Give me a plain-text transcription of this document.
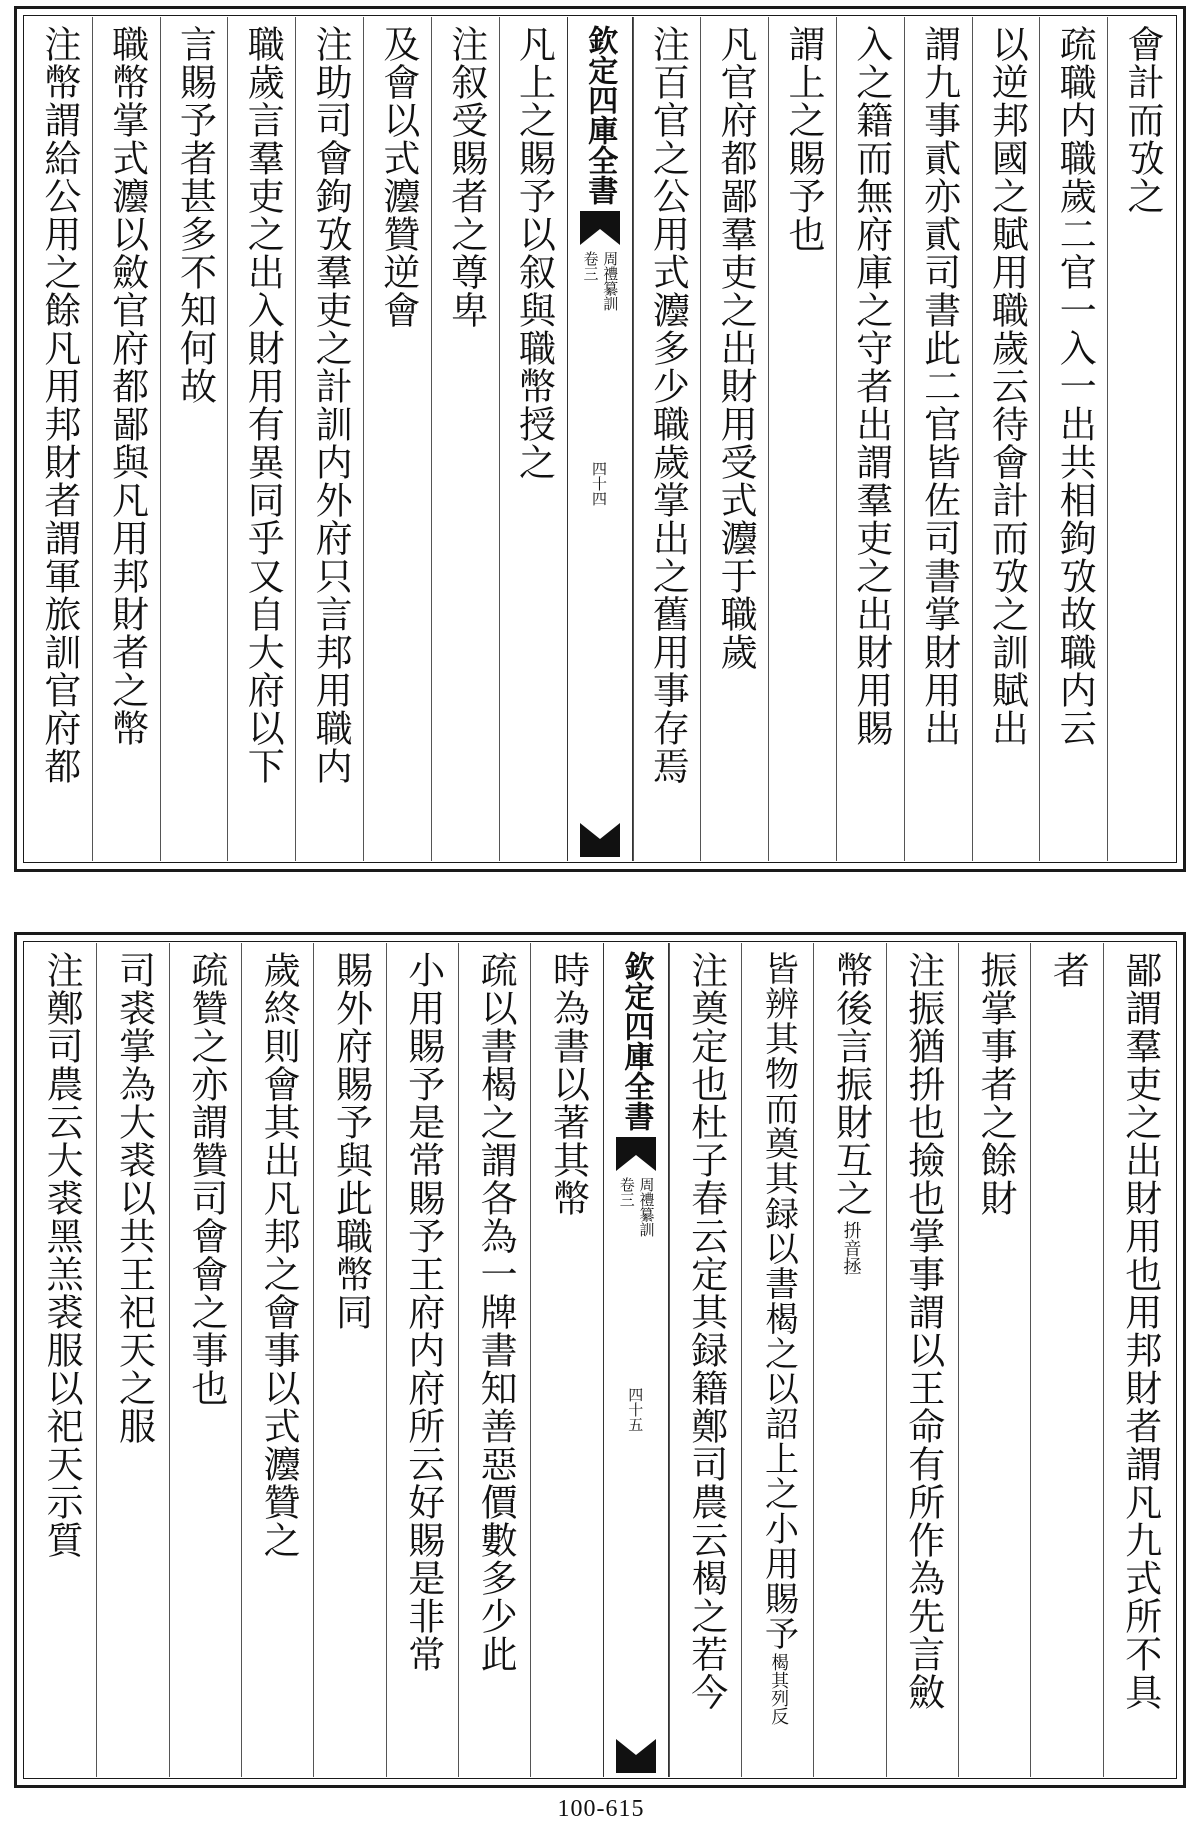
會計而攷之
疏職内職歲二官一入一出共相鉤攷故職内云
以逆邦國之賦用職歲云待會計而攷之訓賦出
謂九事貳亦貳司書此二官皆佐司書掌財用出
入之籍而無府庫之守者出謂羣吏之出財用賜
謂上之賜予也
凡官府都鄙羣吏之出財用受式灋于職歲
注百官之公用式灋多少職歲掌出之舊用事存焉
欽定四庫全書
周禮纂訓
卷三
四十四
凡上之賜予以叙與職幣授之
注叙受賜者之尊卑
及會以式灋贊逆會
注助司會鉤攷羣吏之計訓内外府只言邦用職内
職歲言羣吏之出入財用有異同乎又自大府以下
言賜予者甚多不知何故
職幣掌式灋以斂官府都鄙與凡用邦財者之幣
注幣謂給公用之餘凡用邦財者謂軍旅訓官府都
鄙謂羣吏之出財用也用邦財者謂凡九式所不具
者
振掌事者之餘財
注振猶抍也撿也掌事謂以王命有所作為先言斂
幣後言振財互之
抍音拯
皆辨其物而奠其録以書楬之以詔上之小用賜予
楬其列反
注奠定也杜子春云定其録籍鄭司農云楬之若今
欽定四庫全書
周禮纂訓
卷三
四十五
時為書以著其幣
疏以書楬之謂各為一牌書知善惡價數多少此
小用賜予是常賜予王府内府所云好賜是非常
賜外府賜予與此職幣同
歲終則會其出凡邦之會事以式灋贊之
疏贊之亦謂贊司會會之事也
司裘掌為大裘以共王祀天之服
注鄭司農云大裘黑羔裘服以祀天示質
100-615
